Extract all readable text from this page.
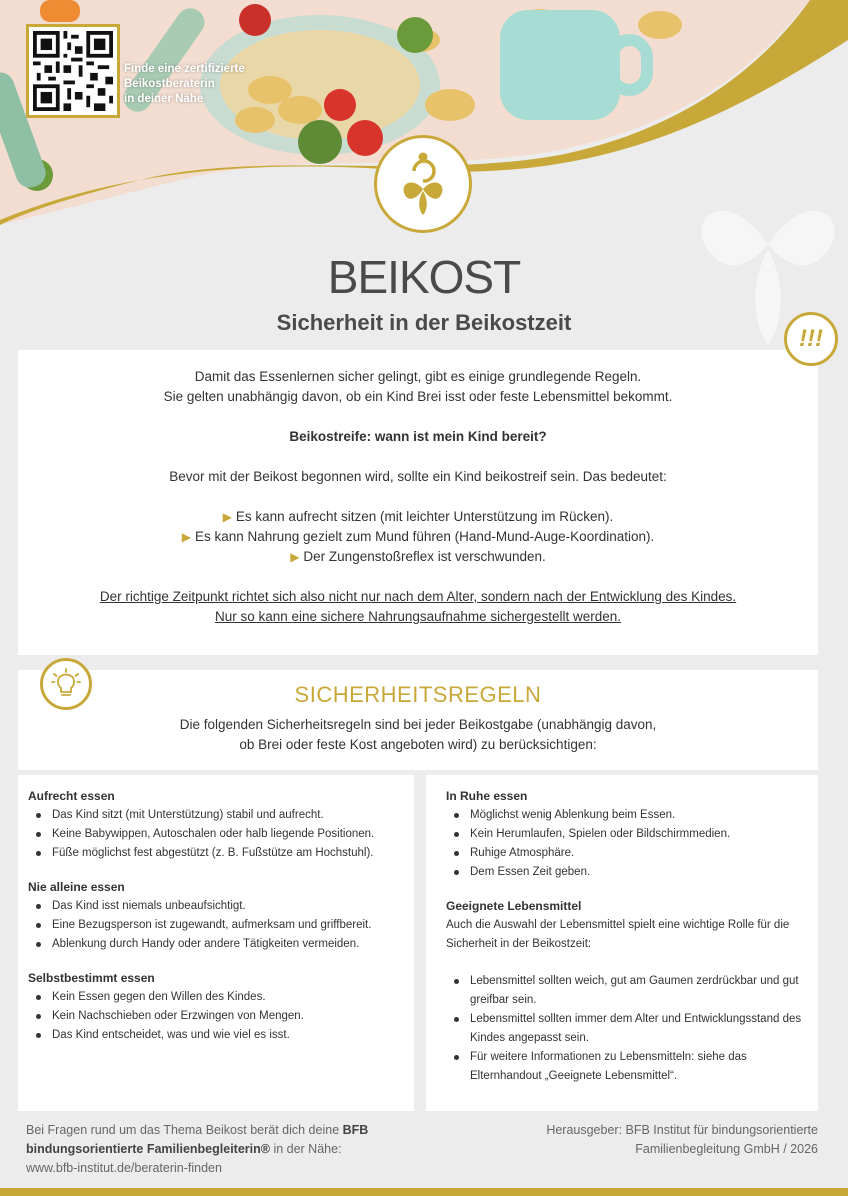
Finde eine zertifizierte
Beikostberaterin
in deiner Nähe
BEIKOST
Sicherheit in der Beikostzeit

Damit das Essenlernen sicher gelingt, gibt es einige grundlegende Regeln.

Sie gelten unabhängig davon, ob ein Kind Brei isst oder feste Lebensmittel bekommt.

Beikostreife: wann ist mein Kind bereit?

Bevor mit der Beikost begonnen wird, sollte ein Kind beikostreif sein. Das bedeutet:

▶ Es kann aufrecht sitzen (mit leichter Unterstützung im Rücken).

▶ Es kann Nahrung gezielt zum Mund führen (Hand-Mund-Auge-Koordination).

▶ Der Zungenstoßreflex ist verschwunden.

Der richtige Zeitpunkt richtet sich also nicht nur nach dem Alter, sondern nach der Entwicklung des Kindes.

Nur so kann eine sichere Nahrungsaufnahme sichergestellt werden.

!!!
SICHERHEITSREGELN
Die folgenden Sicherheitsregeln sind bei jeder Beikostgabe (unabhängig davon,
ob Brei oder feste Kost angeboten wird) zu berücksichtigen:
Aufrecht essen
Das Kind sitzt (mit Unterstützung) stabil und aufrecht.
Keine Babywippen, Autoschalen oder halb liegende Positionen.
Füße möglichst fest abgestützt (z. B. Fußstütze am Hochstuhl).
Nie alleine essen
Das Kind isst niemals unbeaufsichtigt.
Eine Bezugsperson ist zugewandt, aufmerksam und griffbereit.
Ablenkung durch Handy oder andere Tätigkeiten vermeiden.
Selbstbestimmt essen
Kein Essen gegen den Willen des Kindes.
Kein Nachschieben oder Erzwingen von Mengen.
Das Kind entscheidet, was und wie viel es isst.
In Ruhe essen
Möglichst wenig Ablenkung beim Essen.
Kein Herumlaufen, Spielen oder Bildschirmmedien.
Ruhige Atmosphäre.
Dem Essen Zeit geben.
Geeignete Lebensmittel
Auch die Auswahl der Lebensmittel spielt eine wichtige Rolle für die Sicherheit in der Beikostzeit:
Lebensmittel sollten weich, gut am Gaumen zerdrückbar und gut greifbar sein.
Lebensmittel sollten immer dem Alter und Entwicklungsstand des Kindes angepasst sein.
Für weitere Informationen zu Lebensmitteln: siehe das Elternhandout „Geeignete Lebensmittel“.
Bei Fragen rund um das Thema Beikost berät dich deine BFB bindungsorientierte Familienbegleiterin® in der Nähe:
www.bfb-institut.de/beraterin-finden
Herausgeber: BFB Institut für bindungsorientierte
Familienbegleitung GmbH / 2026
